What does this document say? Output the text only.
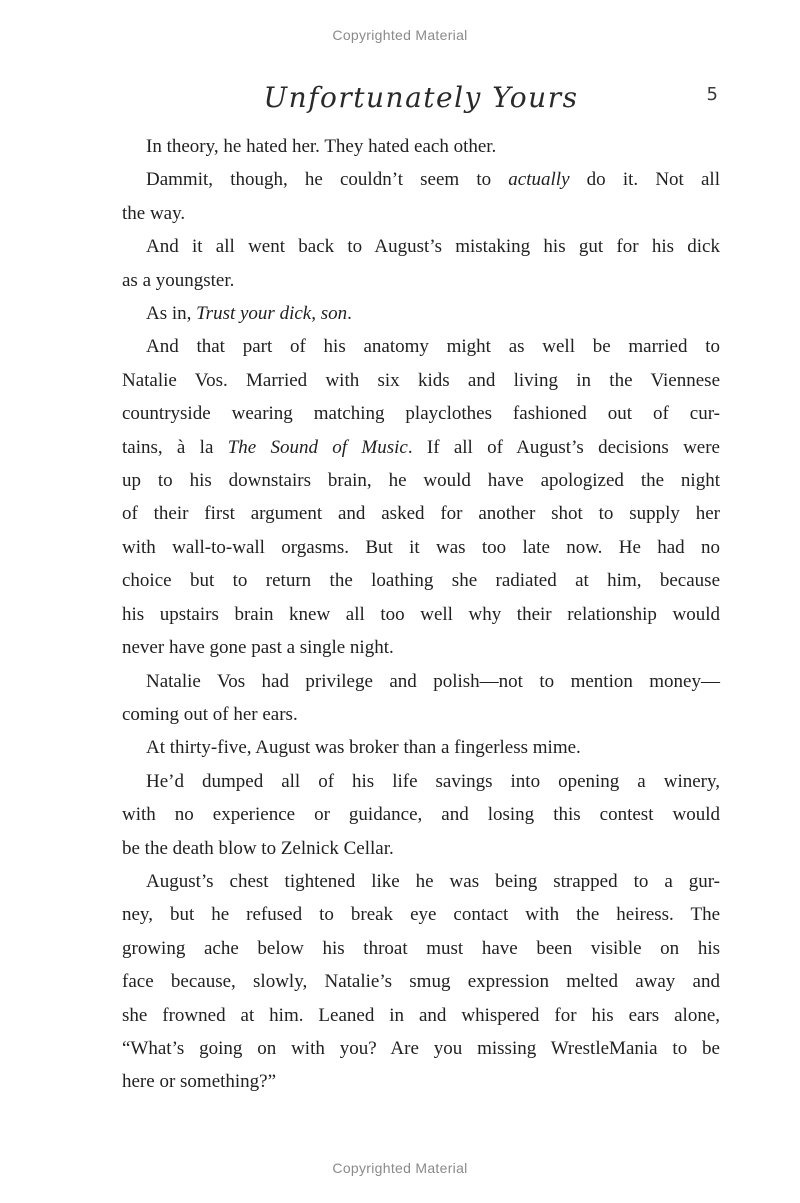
Copyrighted Material
Unfortunately Yours	5
In theory, he hated her. They hated each other.
Dammit, though, he couldn’t seem to actually do it. Not all
the way.
And it all went back to August’s mistaking his gut for his dick
as a youngster.
As in, Trust your dick, son.
And that part of his anatomy might as well be married to
Natalie Vos. Married with six kids and living in the Viennese
countryside wearing matching playclothes fashioned out of cur-
tains, à la The Sound of Music. If all of August’s decisions were
up to his downstairs brain, he would have apologized the night
of their first argument and asked for another shot to supply her
with wall-to-wall orgasms. But it was too late now. He had no
choice but to return the loathing she radiated at him, because
his upstairs brain knew all too well why their relationship would
never have gone past a single night.
Natalie Vos had privilege and polish—not to mention money—
coming out of her ears.
At thirty-five, August was broker than a fingerless mime.
He’d dumped all of his life savings into opening a winery,
with no experience or guidance, and losing this contest would
be the death blow to Zelnick Cellar.
August’s chest tightened like he was being strapped to a gur-
ney, but he refused to break eye contact with the heiress. The
growing ache below his throat must have been visible on his
face because, slowly, Natalie’s smug expression melted away and
she frowned at him. Leaned in and whispered for his ears alone,
“What’s going on with you? Are you missing WrestleMania to be
here or something?”
Copyrighted Material
